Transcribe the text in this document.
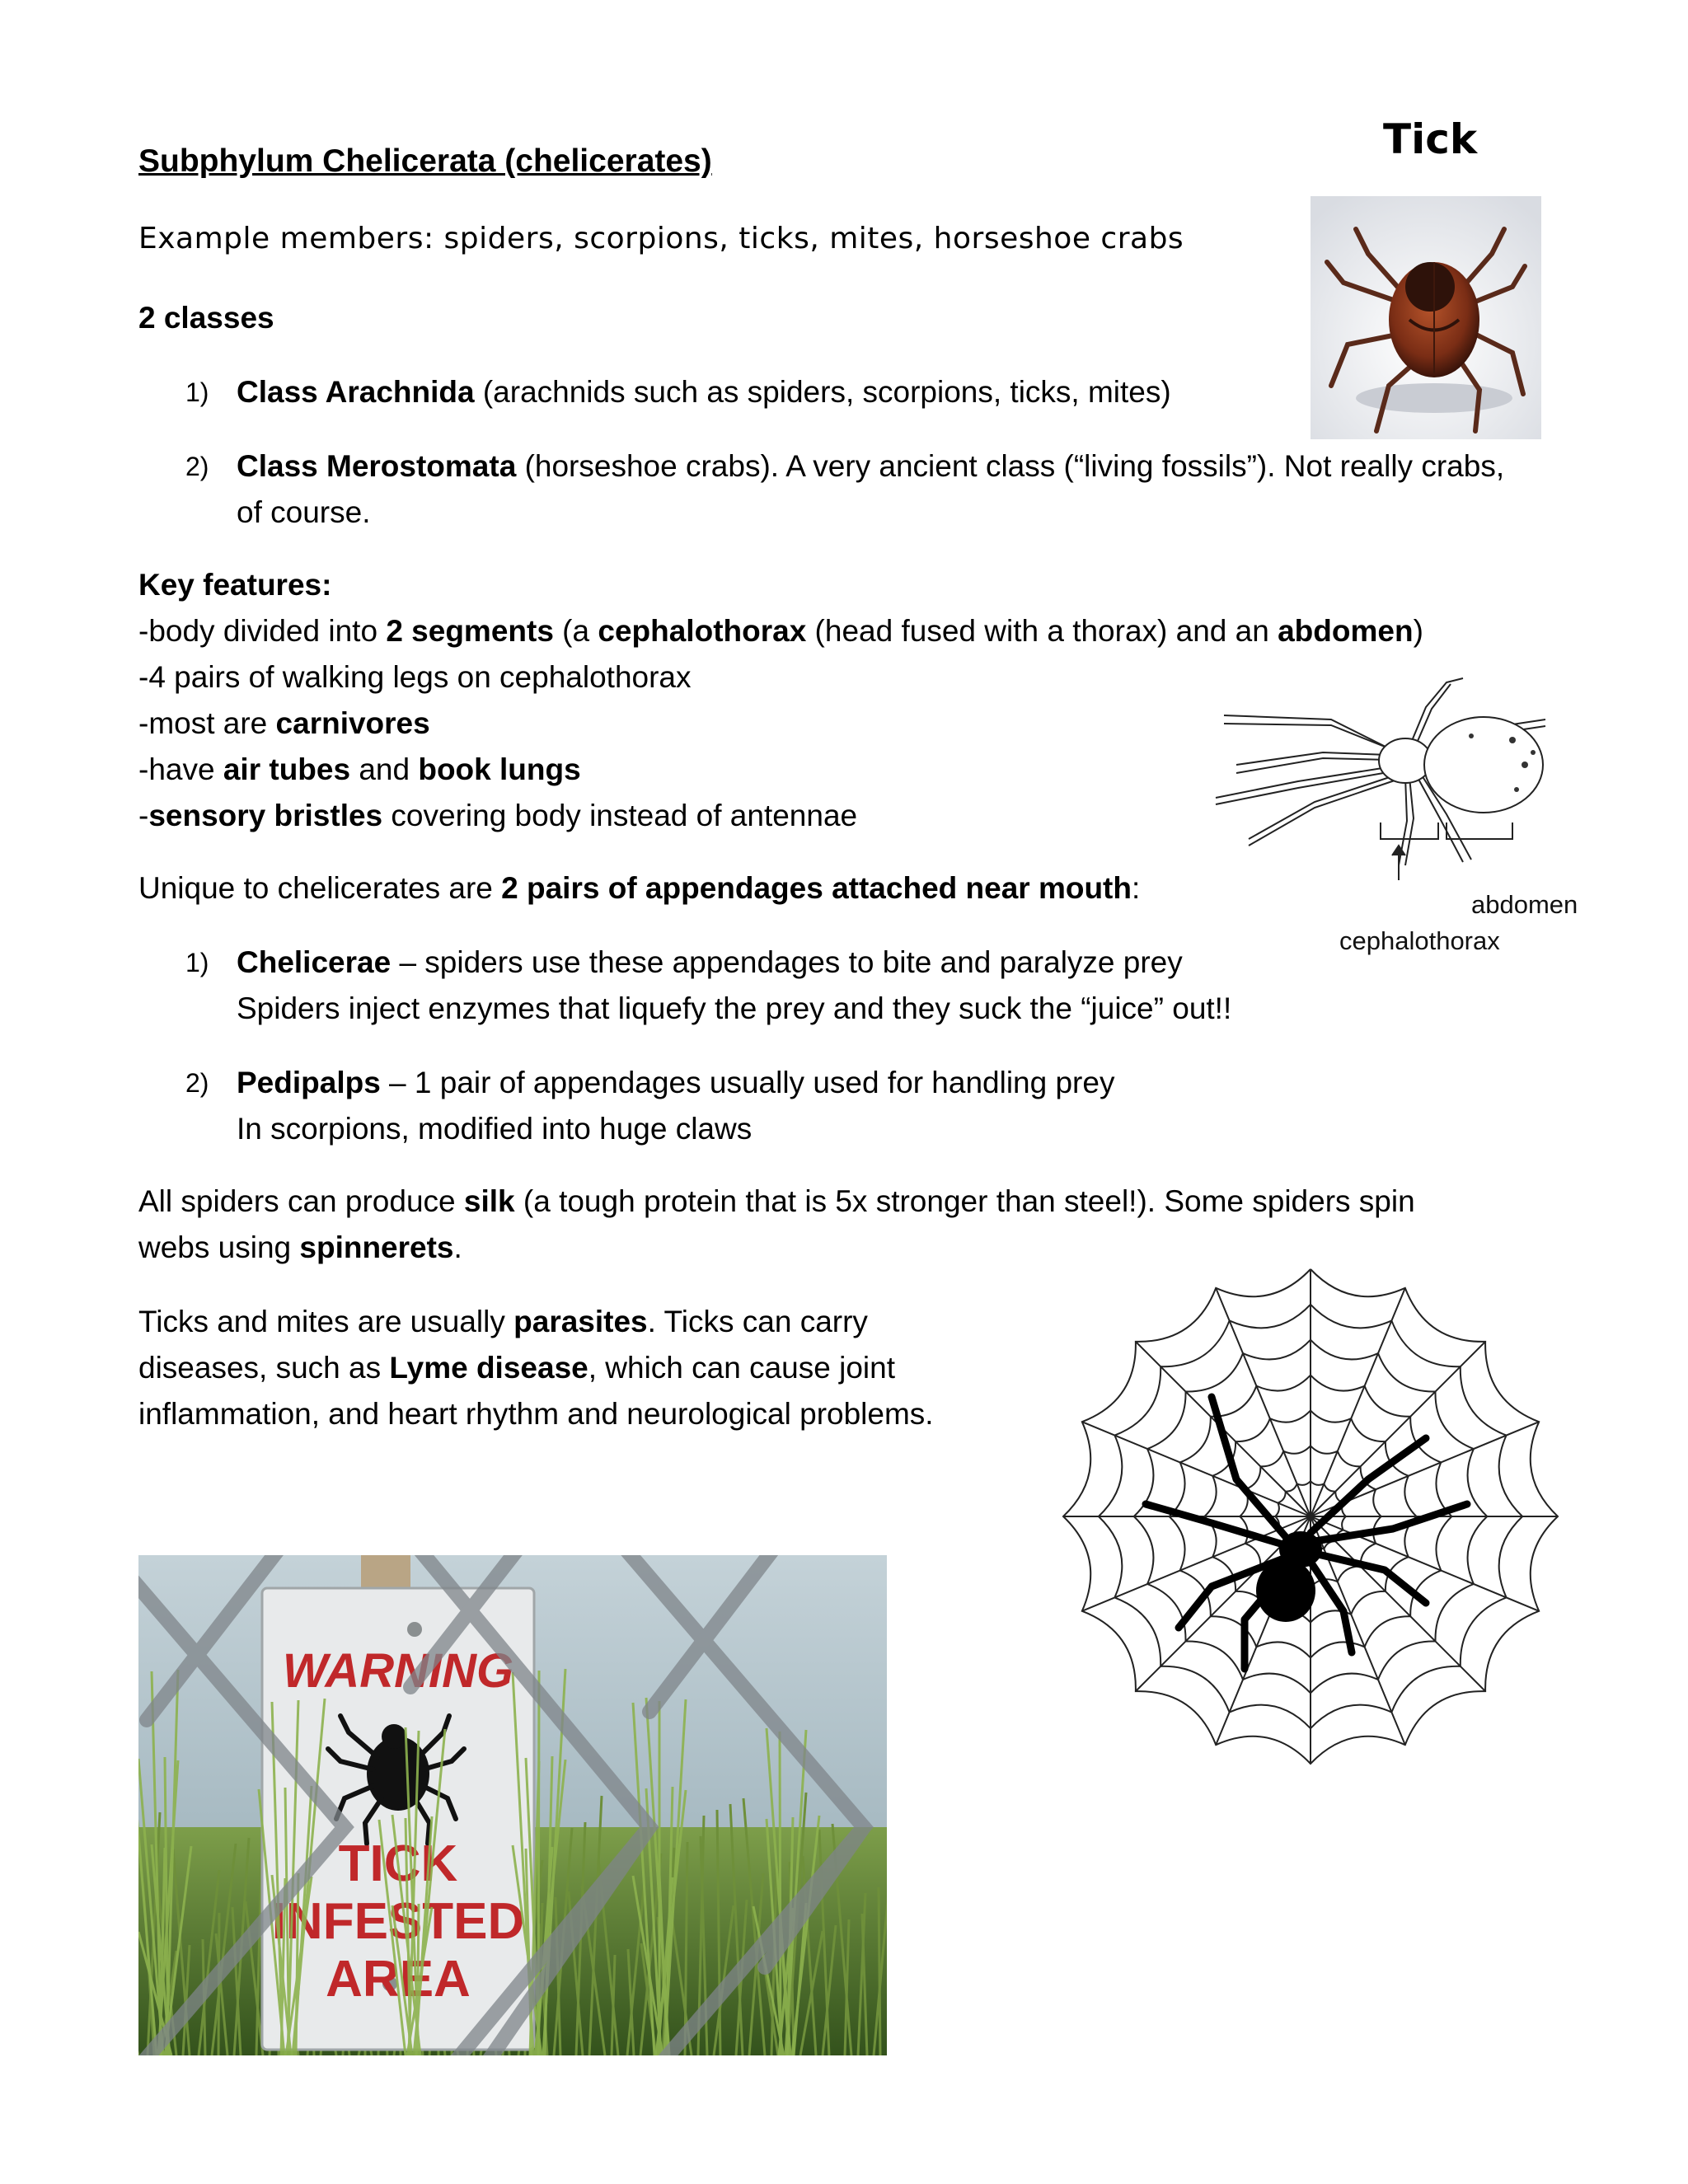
Subphylum Chelicerata (chelicerates)

Example members: spiders, scorpions, ticks, mites, horseshoe crabs

2 classes

1) Class Arachnida (arachnids such as spiders, scorpions, ticks, mites)

2) Class Merostomata (horseshoe crabs). A very ancient class (“living fossils”). Not really crabs, of course.

Key features:

-body divided into 2 segments (a cephalothorax (head fused with a thorax) and an abdomen)

-4 pairs of walking legs on cephalothorax

-most are carnivores

-have air tubes and book lungs

-sensory bristles covering body instead of antennae

Unique to chelicerates are 2 pairs of appendages attached near mouth:

1) Chelicerae – spiders use these appendages to bite and paralyze prey

Spiders inject enzymes that liquefy the prey and they suck the “juice” out!!

2) Pedipalps – 1 pair of appendages usually used for handling prey

In scorpions, modified into huge claws

All spiders can produce silk (a tough protein that is 5x stronger than steel!). Some spiders spin webs using spinnerets.

Ticks and mites are usually parasites. Ticks can carry diseases, such as Lyme disease, which can cause joint inflammation, and heart rhythm and neurological problems.

Tick
abdomen
cephalothorax
WARNING
TICK
INFESTED
AREA
